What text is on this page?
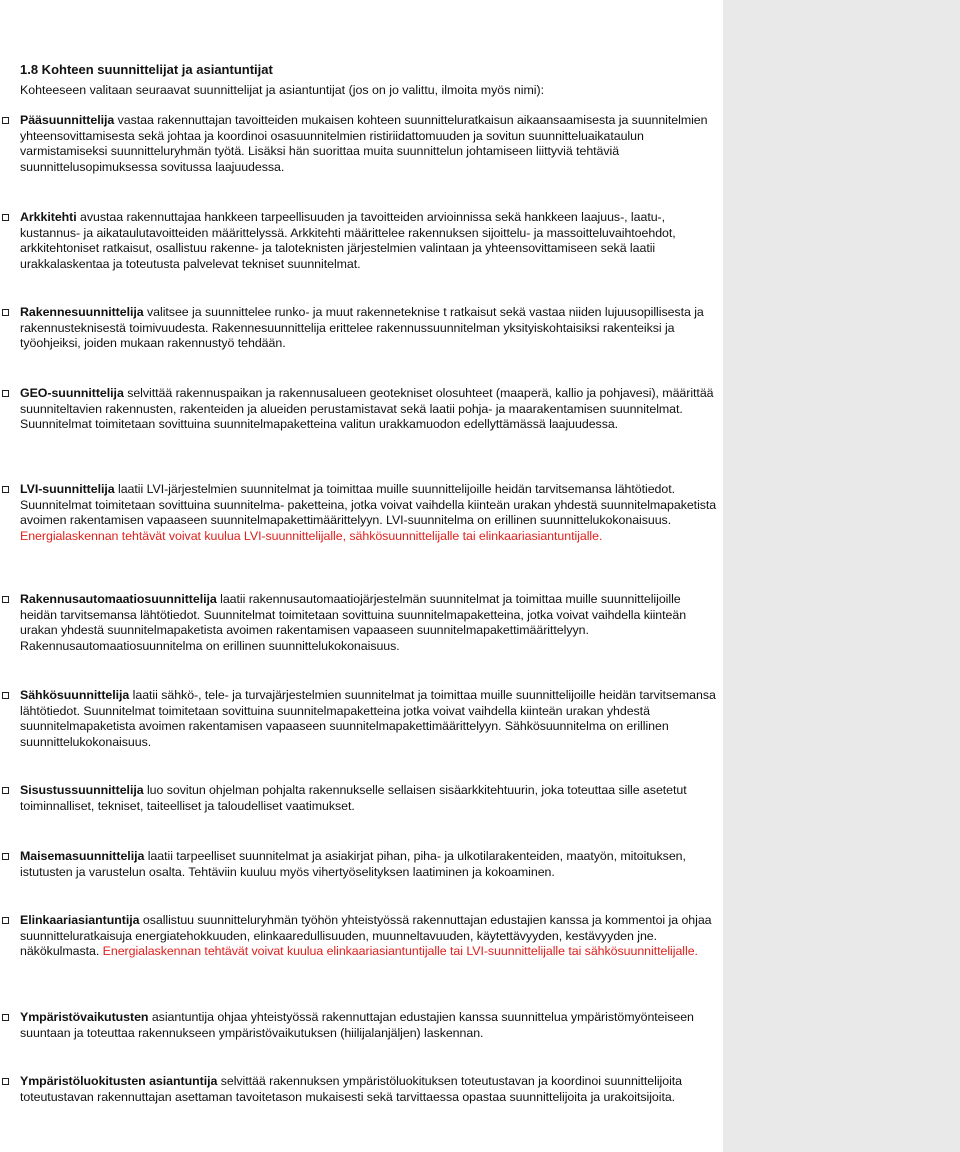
1.8 Kohteen suunnittelijat ja asiantuntijat
Kohteeseen valitaan seuraavat suunnittelijat ja asiantuntijat (jos on jo valittu, ilmoita myös nimi):
Pääsuunnittelija vastaa rakennuttajan tavoitteiden mukaisen kohteen suunnitteluratkaisun aikaansaamisesta ja suunnitelmien yhteensovittamisesta sekä johtaa ja koordinoi osasuunnitelmien ristiriidattomuuden ja sovitun suunnitteluaikataulun varmistamiseksi suunnitteluryhmän työtä. Lisäksi hän suorittaa muita suunnittelun johtamiseen liittyviä tehtäviä suunnittelusopimuksessa sovitussa laajuudessa.
Arkkitehti avustaa rakennuttajaa hankkeen tarpeellisuuden ja tavoitteiden arvioinnissa sekä hankkeen laajuus-, laatu-, kustannus- ja aikataulutavoitteiden määrittelyssä. Arkkitehti määrittelee rakennuksen sijoittelu- ja massoitteluvaihtoehdot, arkkitehtoniset ratkaisut, osallistuu rakenne- ja taloteknisten järjestelmien valintaan ja yhteensovittamiseen sekä laatii urakkalaskentaa ja toteutusta palvelevat tekniset suunnitelmat.
Rakennesuunnittelija valitsee ja suunnittelee runko- ja muut rakenneteknise t ratkaisut sekä vastaa niiden lujuusopillisesta ja rakennusteknisestä toimivuudesta. Rakennesuunnittelija erittelee rakennussuunnitelman yksityiskohtaisiksi rakenteiksi ja työohjeiksi, joiden mukaan rakennustyö tehdään.
GEO-suunnittelija selvittää rakennuspaikan ja rakennusalueen geotekniset olosuhteet (maaperä, kallio ja pohjavesi), määrittää suunniteltavien rakennusten, rakenteiden ja alueiden perustamistavat sekä laatii pohja- ja maarakentamisen suunnitelmat. Suunnitelmat toimitetaan sovittuina suunnitelmapaketteina valitun urakkamuodon edellyttämässä laajuudessa.
LVI-suunnittelija laatii LVI-järjestelmien suunnitelmat ja toimittaa muille suunnittelijoille heidän tarvitsemansa lähtötiedot. Suunnitelmat toimitetaan sovittuina suunnitelma- paketteina, jotka voivat vaihdella kiinteän urakan yhdestä suunnitelmapaketista avoimen rakentamisen vapaaseen suunnitelmapakettimäärittelyyn. LVI-suunnitelma on erillinen suunnittelukokonaisuus. Energialaskennan tehtävät voivat kuulua LVI-suunnittelijalle, sähkösuunnittelijalle tai elinkaariasiantuntijalle.
Rakennusautomaatiosuunnittelija laatii rakennusautomaatiojärjestelmän suunnitelmat ja toimittaa muille suunnittelijoille heidän tarvitsemansa lähtötiedot. Suunnitelmat toimitetaan sovittuina suunnitelmapaketteina, jotka voivat vaihdella kiinteän urakan yhdestä suunnitelmapaketista avoimen rakentamisen vapaaseen suunnitelmapakettimäärittelyyn. Rakennusautomaatiosuunnitelma on erillinen suunnittelukokonaisuus.
Sähkösuunnittelija laatii sähkö-, tele- ja turvajärjestelmien suunnitelmat ja toimittaa muille suunnittelijoille heidän tarvitsemansa lähtötiedot. Suunnitelmat toimitetaan sovittuina suunnitelmapaketteina jotka voivat vaihdella kiinteän urakan yhdestä suunnitelmapaketista avoimen rakentamisen vapaaseen suunnitelmapakettimäärittelyyn. Sähkösuunnitelma on erillinen suunnittelukokonaisuus.
Sisustussuunnittelija luo sovitun ohjelman pohjalta rakennukselle sellaisen sisäarkkitehtuurin, joka toteuttaa sille asetetut toiminnalliset, tekniset, taiteelliset ja taloudelliset vaatimukset.
Maisemasuunnittelija laatii tarpeelliset suunnitelmat ja asiakirjat pihan, piha- ja ulkotilarakenteiden, maatyön, mitoituksen, istutusten ja varustelun osalta. Tehtäviin kuuluu myös vihertyöselityksen laatiminen ja kokoaminen.
Elinkaariasiantuntija osallistuu suunnitteluryhmän työhön yhteistyössä rakennuttajan edustajien kanssa ja kommentoi ja ohjaa suunnitteluratkaisuja energiatehokkuuden, elinkaaredullisuuden, muunneltavuuden, käytettävyyden, kestävyyden jne. näkökulmasta. Energialaskennan tehtävät voivat kuulua elinkaariasiantuntijalle tai LVI-suunnittelijalle tai sähkösuunnittelijalle.
Ympäristövaikutusten asiantuntija ohjaa yhteistyössä rakennuttajan edustajien kanssa suunnittelua ympäristömyönteiseen suuntaan ja toteuttaa rakennukseen ympäristövaikutuksen (hiilijalanjäljen) laskennan.
Ympäristöluokitusten asiantuntija selvittää rakennuksen ympäristöluokituksen toteutustavan ja koordinoi suunnittelijoita toteutustavan rakennuttajan asettaman tavoitetason mukaisesti sekä tarvittaessa opastaa suunnittelijoita ja urakoitsijoita.
